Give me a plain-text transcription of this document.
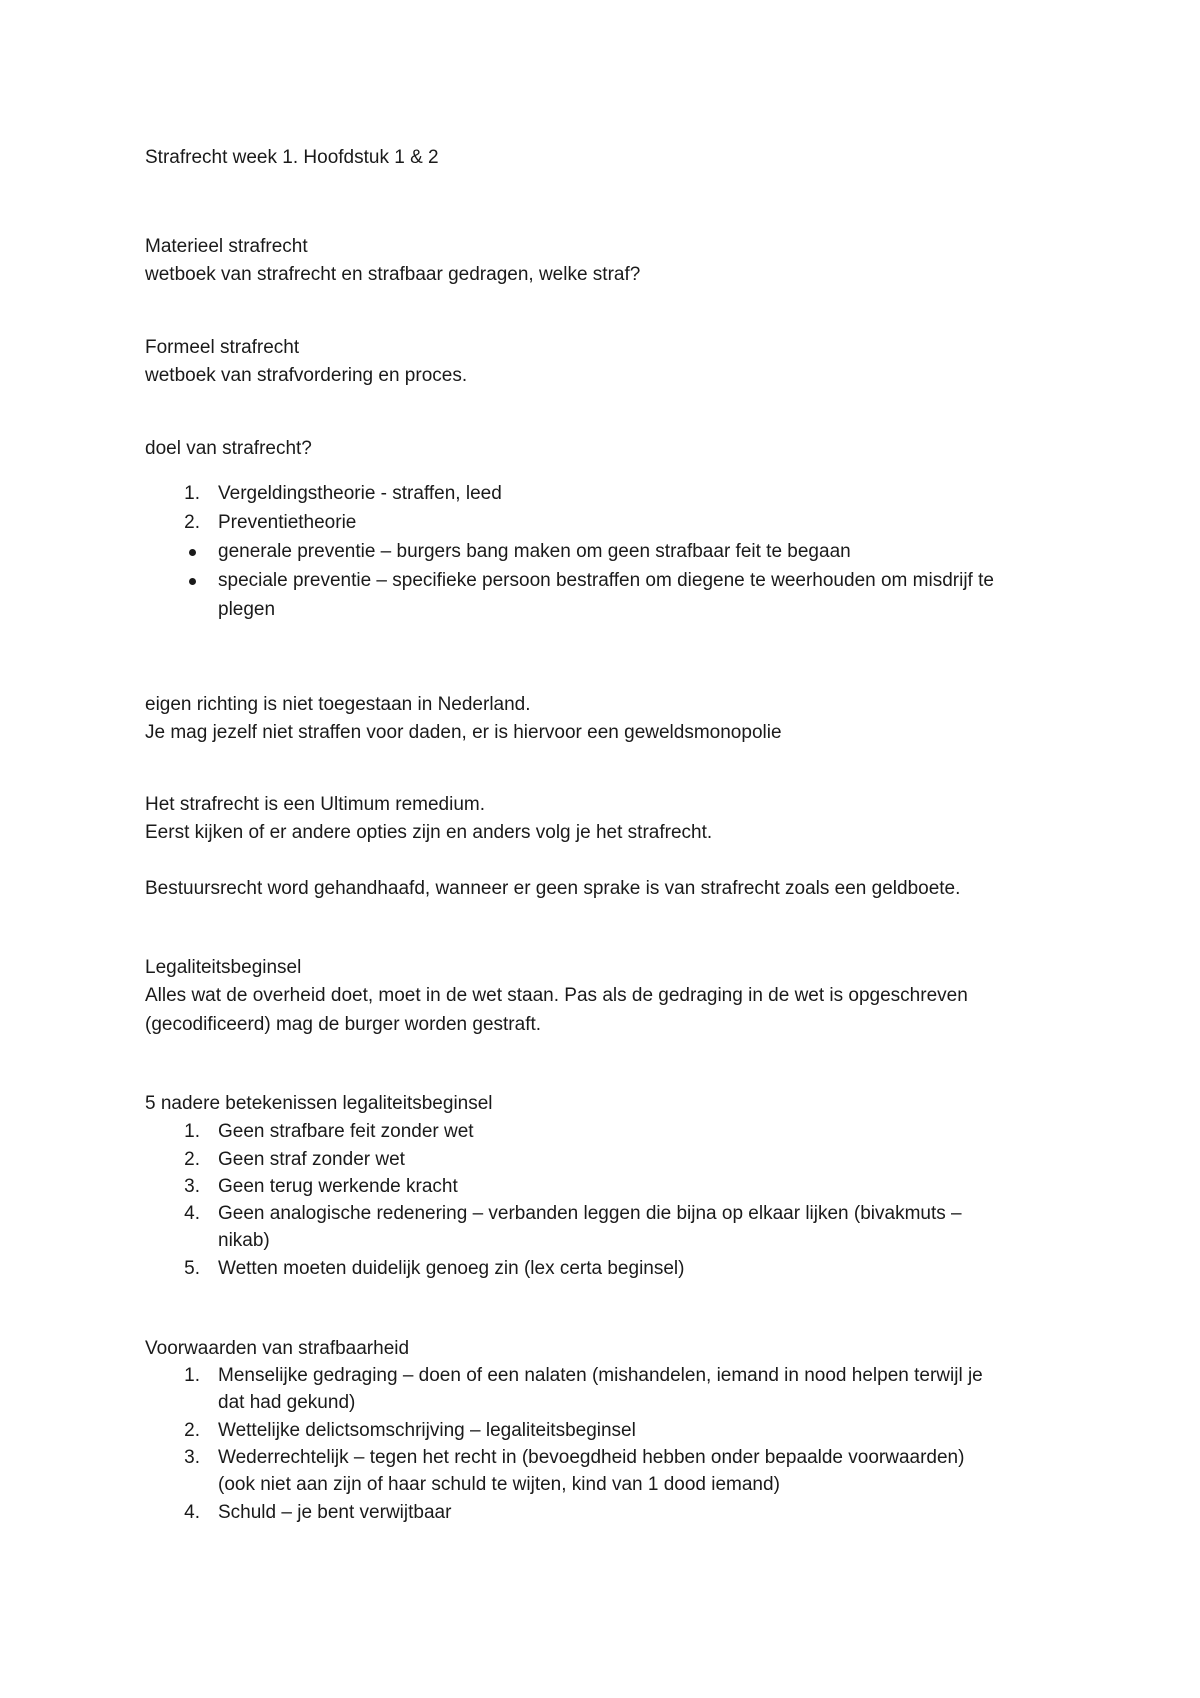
Strafrecht week 1. Hoofdstuk 1 & 2
Materieel strafrecht
wetboek van strafrecht en strafbaar gedragen, welke straf?
Formeel strafrecht
wetboek van strafvordering en proces.
doel van strafrecht?
1. Vergeldingstheorie - straffen, leed
2. Preventietheorie
generale preventie – burgers bang maken om geen strafbaar feit te begaan
speciale preventie – specifieke persoon bestraffen om diegene te weerhouden om misdrijf te
plegen
eigen richting is niet toegestaan in Nederland.
Je mag jezelf niet straffen voor daden, er is hiervoor een geweldsmonopolie
Het strafrecht is een Ultimum remedium.
Eerst kijken of er andere opties zijn en anders volg je het strafrecht.
Bestuursrecht word gehandhaafd, wanneer er geen sprake is van strafrecht zoals een geldboete.
Legaliteitsbeginsel
Alles wat de overheid doet, moet in de wet staan. Pas als de gedraging in de wet is opgeschreven
(gecodificeerd) mag de burger worden gestraft.
5 nadere betekenissen legaliteitsbeginsel
1. Geen strafbare feit zonder wet
2. Geen straf zonder wet
3. Geen terug werkende kracht
4. Geen analogische redenering – verbanden leggen die bijna op elkaar lijken (bivakmuts –
nikab)
5. Wetten moeten duidelijk genoeg zin (lex certa beginsel)
Voorwaarden van strafbaarheid
1. Menselijke gedraging – doen of een nalaten (mishandelen, iemand in nood helpen terwijl je
dat had gekund)
2. Wettelijke delictsomschrijving – legaliteitsbeginsel
3. Wederrechtelijk – tegen het recht in (bevoegdheid hebben onder bepaalde voorwaarden)
(ook niet aan zijn of haar schuld te wijten, kind van 1 dood iemand)
4. Schuld – je bent verwijtbaar
